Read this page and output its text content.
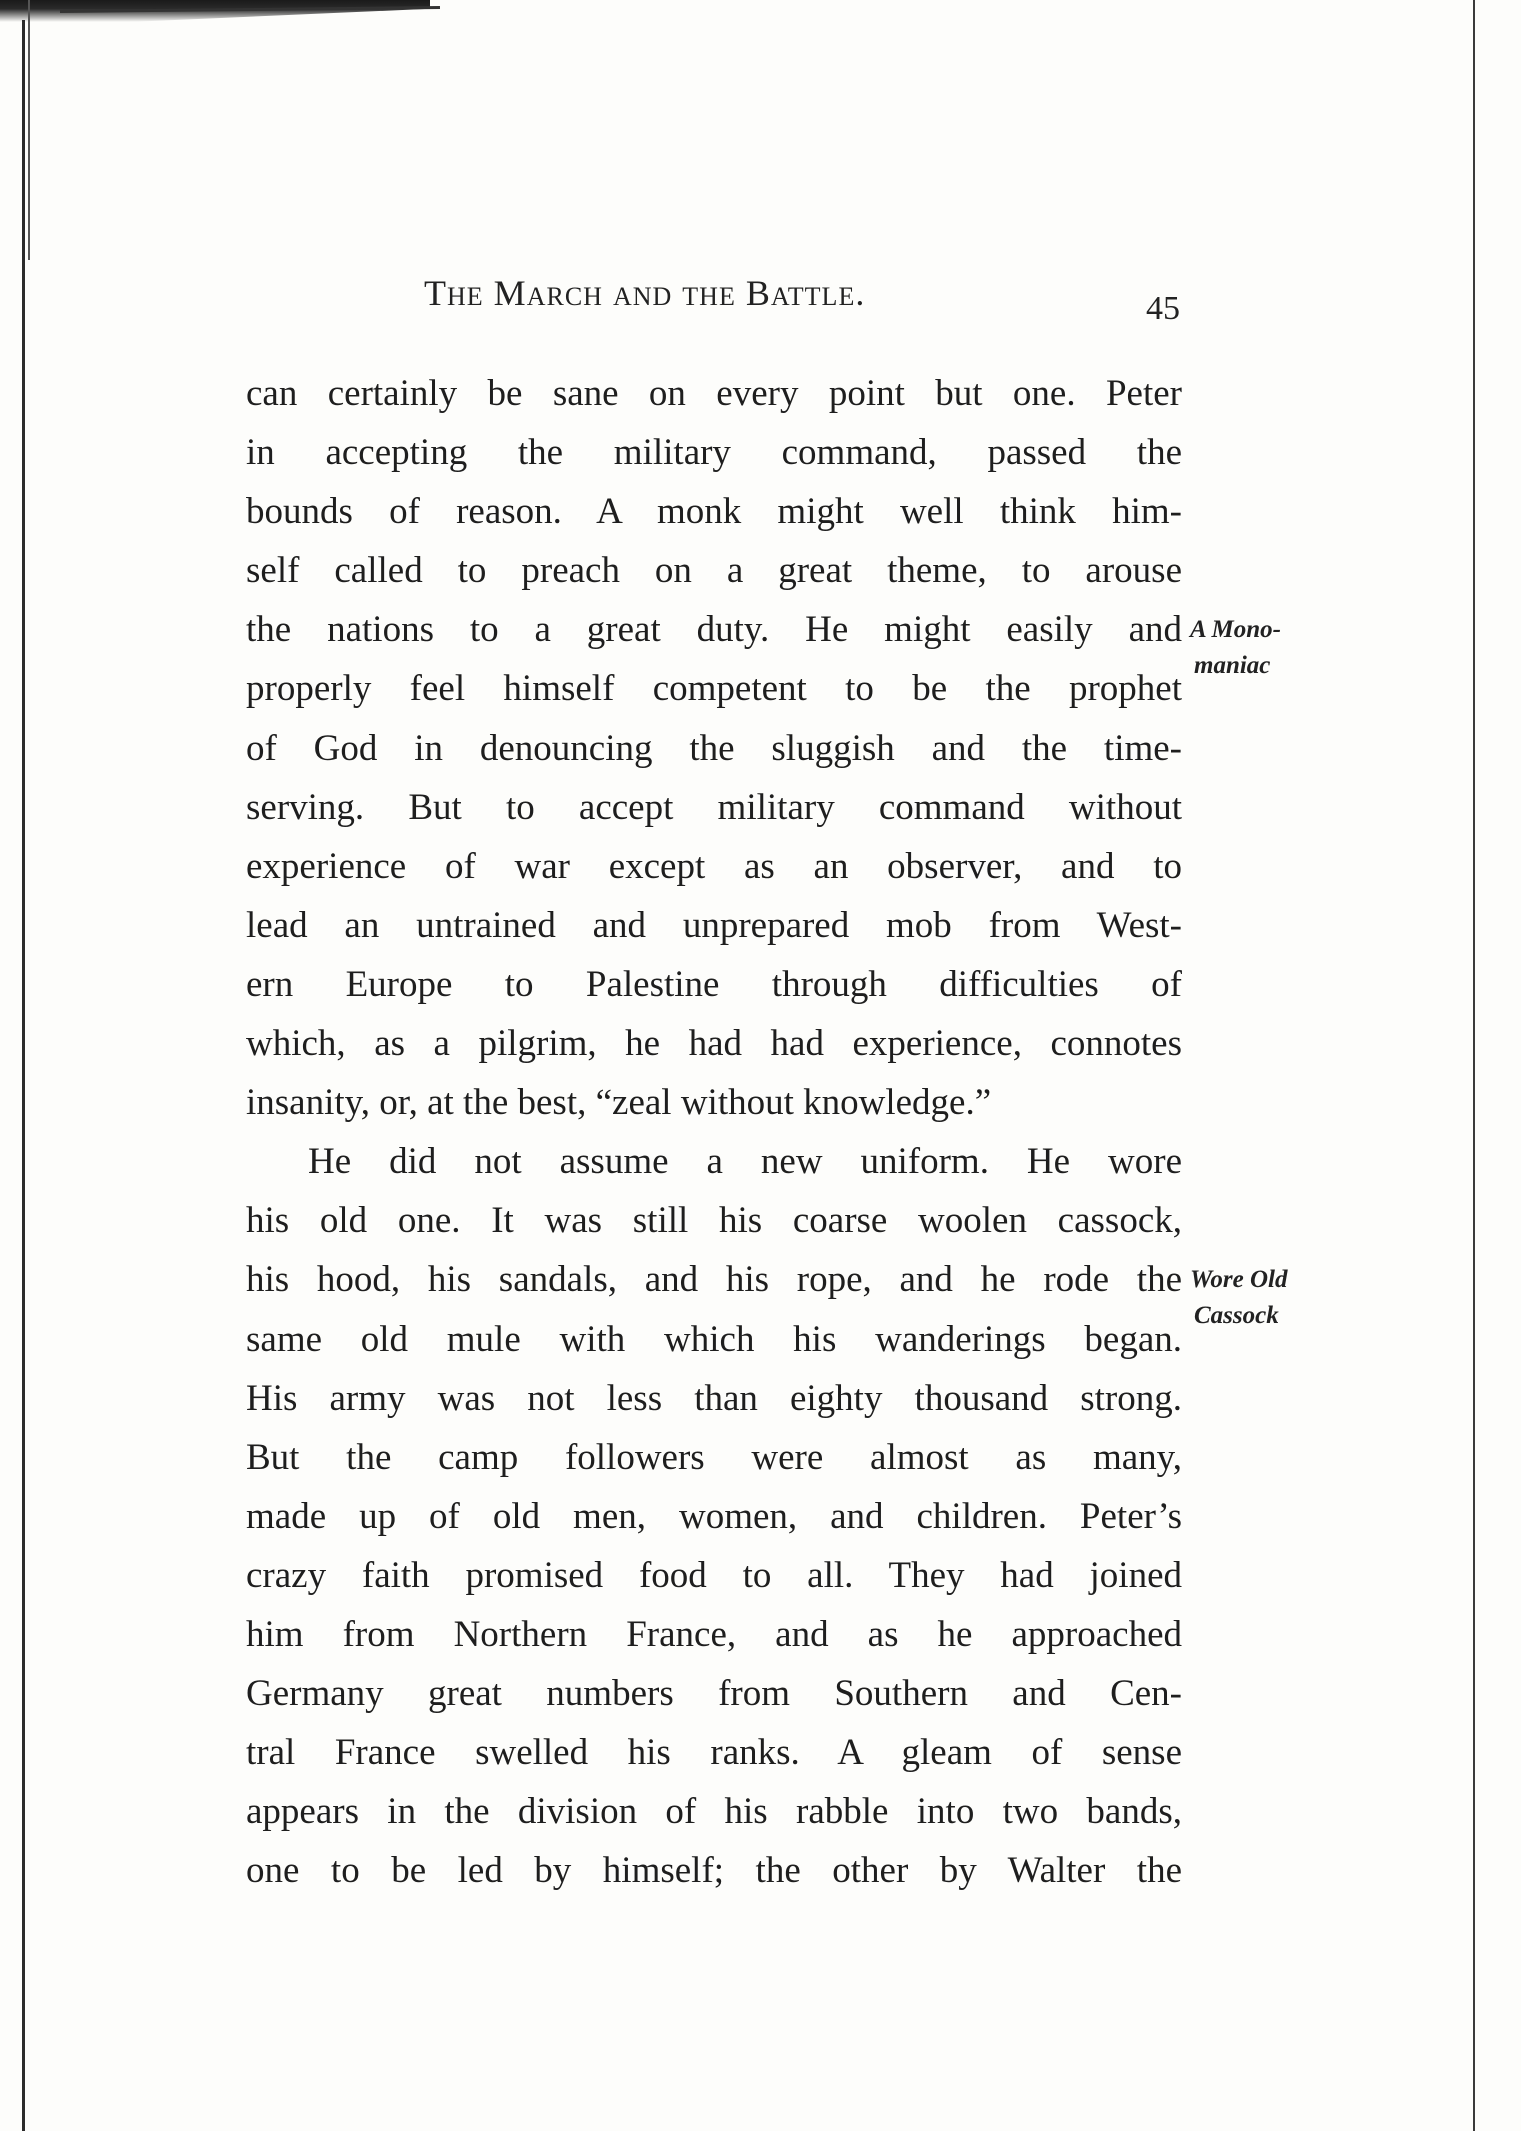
THE MARCH AND THE BATTLE.	45
can certainly be sane on every point but one. Peter
in accepting the military command, passed the
bounds of reason. A monk might well think him-
self called to preach on a great theme, to arouse
the nations to a great duty. He might easily and
properly feel himself competent to be the prophet
of God in denouncing the sluggish and the time-
serving. But to accept military command without
experience of war except as an observer, and to
lead an untrained and unprepared mob from West-
ern Europe to Palestine through difficulties of
which, as a pilgrim, he had had experience, connotes
insanity, or, at the best, “zeal without knowledge.”
He did not assume a new uniform. He wore
his old one. It was still his coarse woolen cassock,
his hood, his sandals, and his rope, and he rode the
same old mule with which his wanderings began.
His army was not less than eighty thousand strong.
But the camp followers were almost as many,
made up of old men, women, and children. Peter’s
crazy faith promised food to all. They had joined
him from Northern France, and as he approached
Germany great numbers from Southern and Cen-
tral France swelled his ranks. A gleam of sense
appears in the division of his rabble into two bands,
one to be led by himself; the other by Walter the
A Mono-
maniac
Wore Old
Cassock
